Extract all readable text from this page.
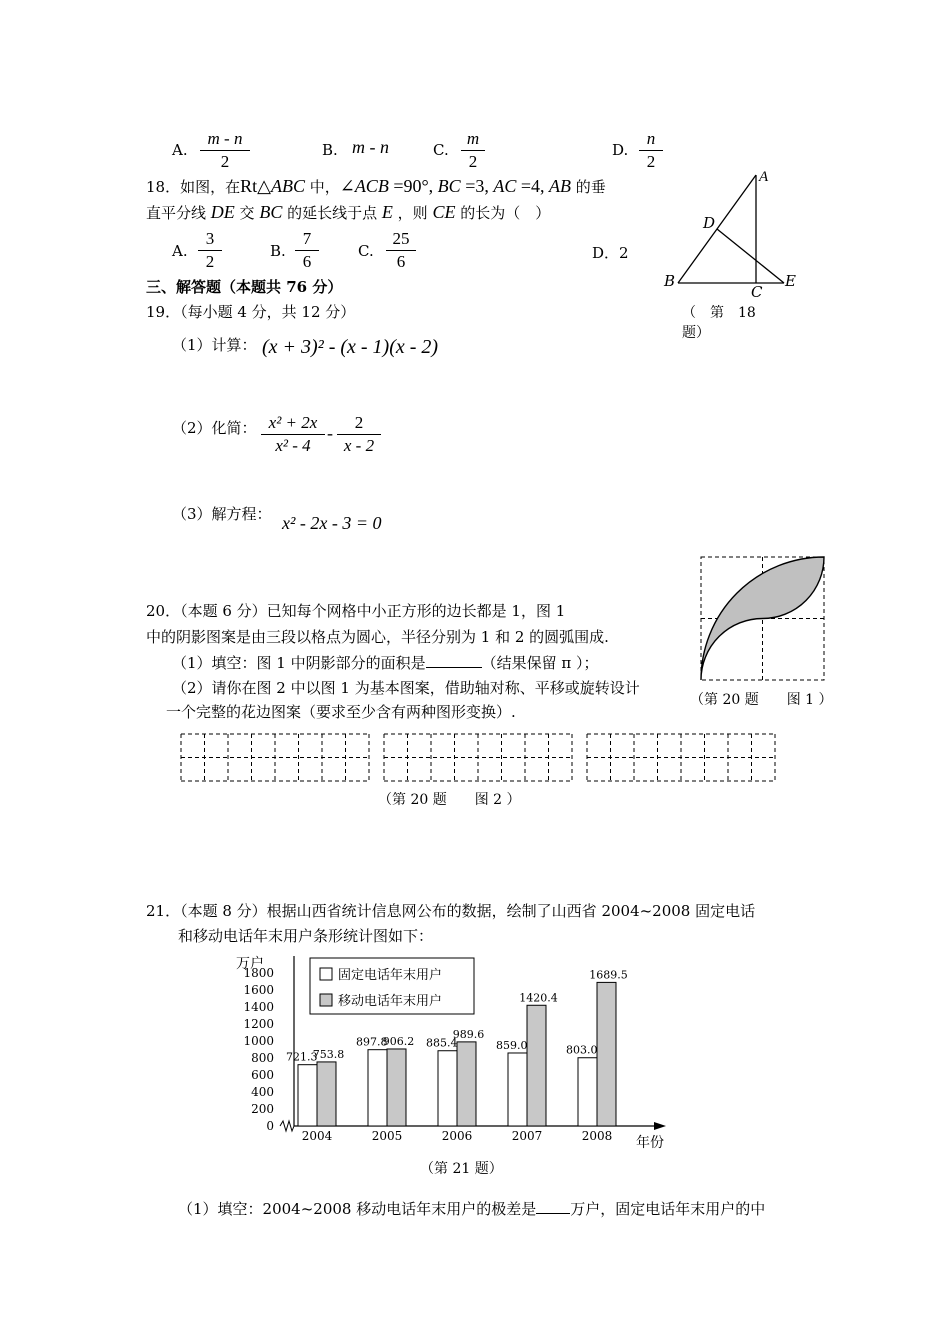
A. $\frac{m - n}{2}$	B. m - n	C. $\frac{m}{2}$	D. $\frac{n}{2}$
18．如图，在Rt△ABC 中，∠ACB =90°, BC =3, AC =4, AB 的垂
直平分线 DE 交 BC 的延长线于点 E ，则 CE 的长为（　）
A. $\frac{3}{2}$	B. $\frac{7}{6}$	C. $\frac{25}{6}$	D．2
A
D
B
C
E
（　第　18
题）
三、解答题（本题共 76 分）
19．（每小题 4 分，共 12 分）
（1）计算： (x + 3)² - (x - 1)(x - 2)
（2）化简： $\frac{\text{x² + 2x}}{\text{x² - 4}} - \frac{2}{x - 2}$
（3）解方程： x² - 2x - 3 = 0
20．（本题 6 分）已知每个网格中小正方形的边长都是 1，图 1
中的阴影图案是由三段以格点为圆心，半径分别为 1 和 2 的圆弧围成.
（1）填空：图 1 中阴影部分的面积是	（结果保留 π ）；
（2）请你在图 2 中以图 1 为基本图案，借助轴对称、平移或旋转设计
一个完整的花边图案（要求至少含有两种图形变换）.
（第 20 题　　图 1 ）
（第 20 题　　图 2 ）
21．（本题 8 分）根据山西省统计信息网公布的数据，绘制了山西省 2004~2008 固定电话
和移动电话年末用户条形统计图如下：
万户
年份
0
200
400
600
800
1000
1200
1400
1600
1800
721.3
753.8
2004
897.8
906.2
2005
885.4
989.6
2006
859.0
1420.4
2007
803.0
1689.5
2008
固定电话年末用户
移动电话年末用户
（第 21 题）
（1）填空：2004~2008 移动电话年末用户的极差是 万户，固定电话年末用户的中
